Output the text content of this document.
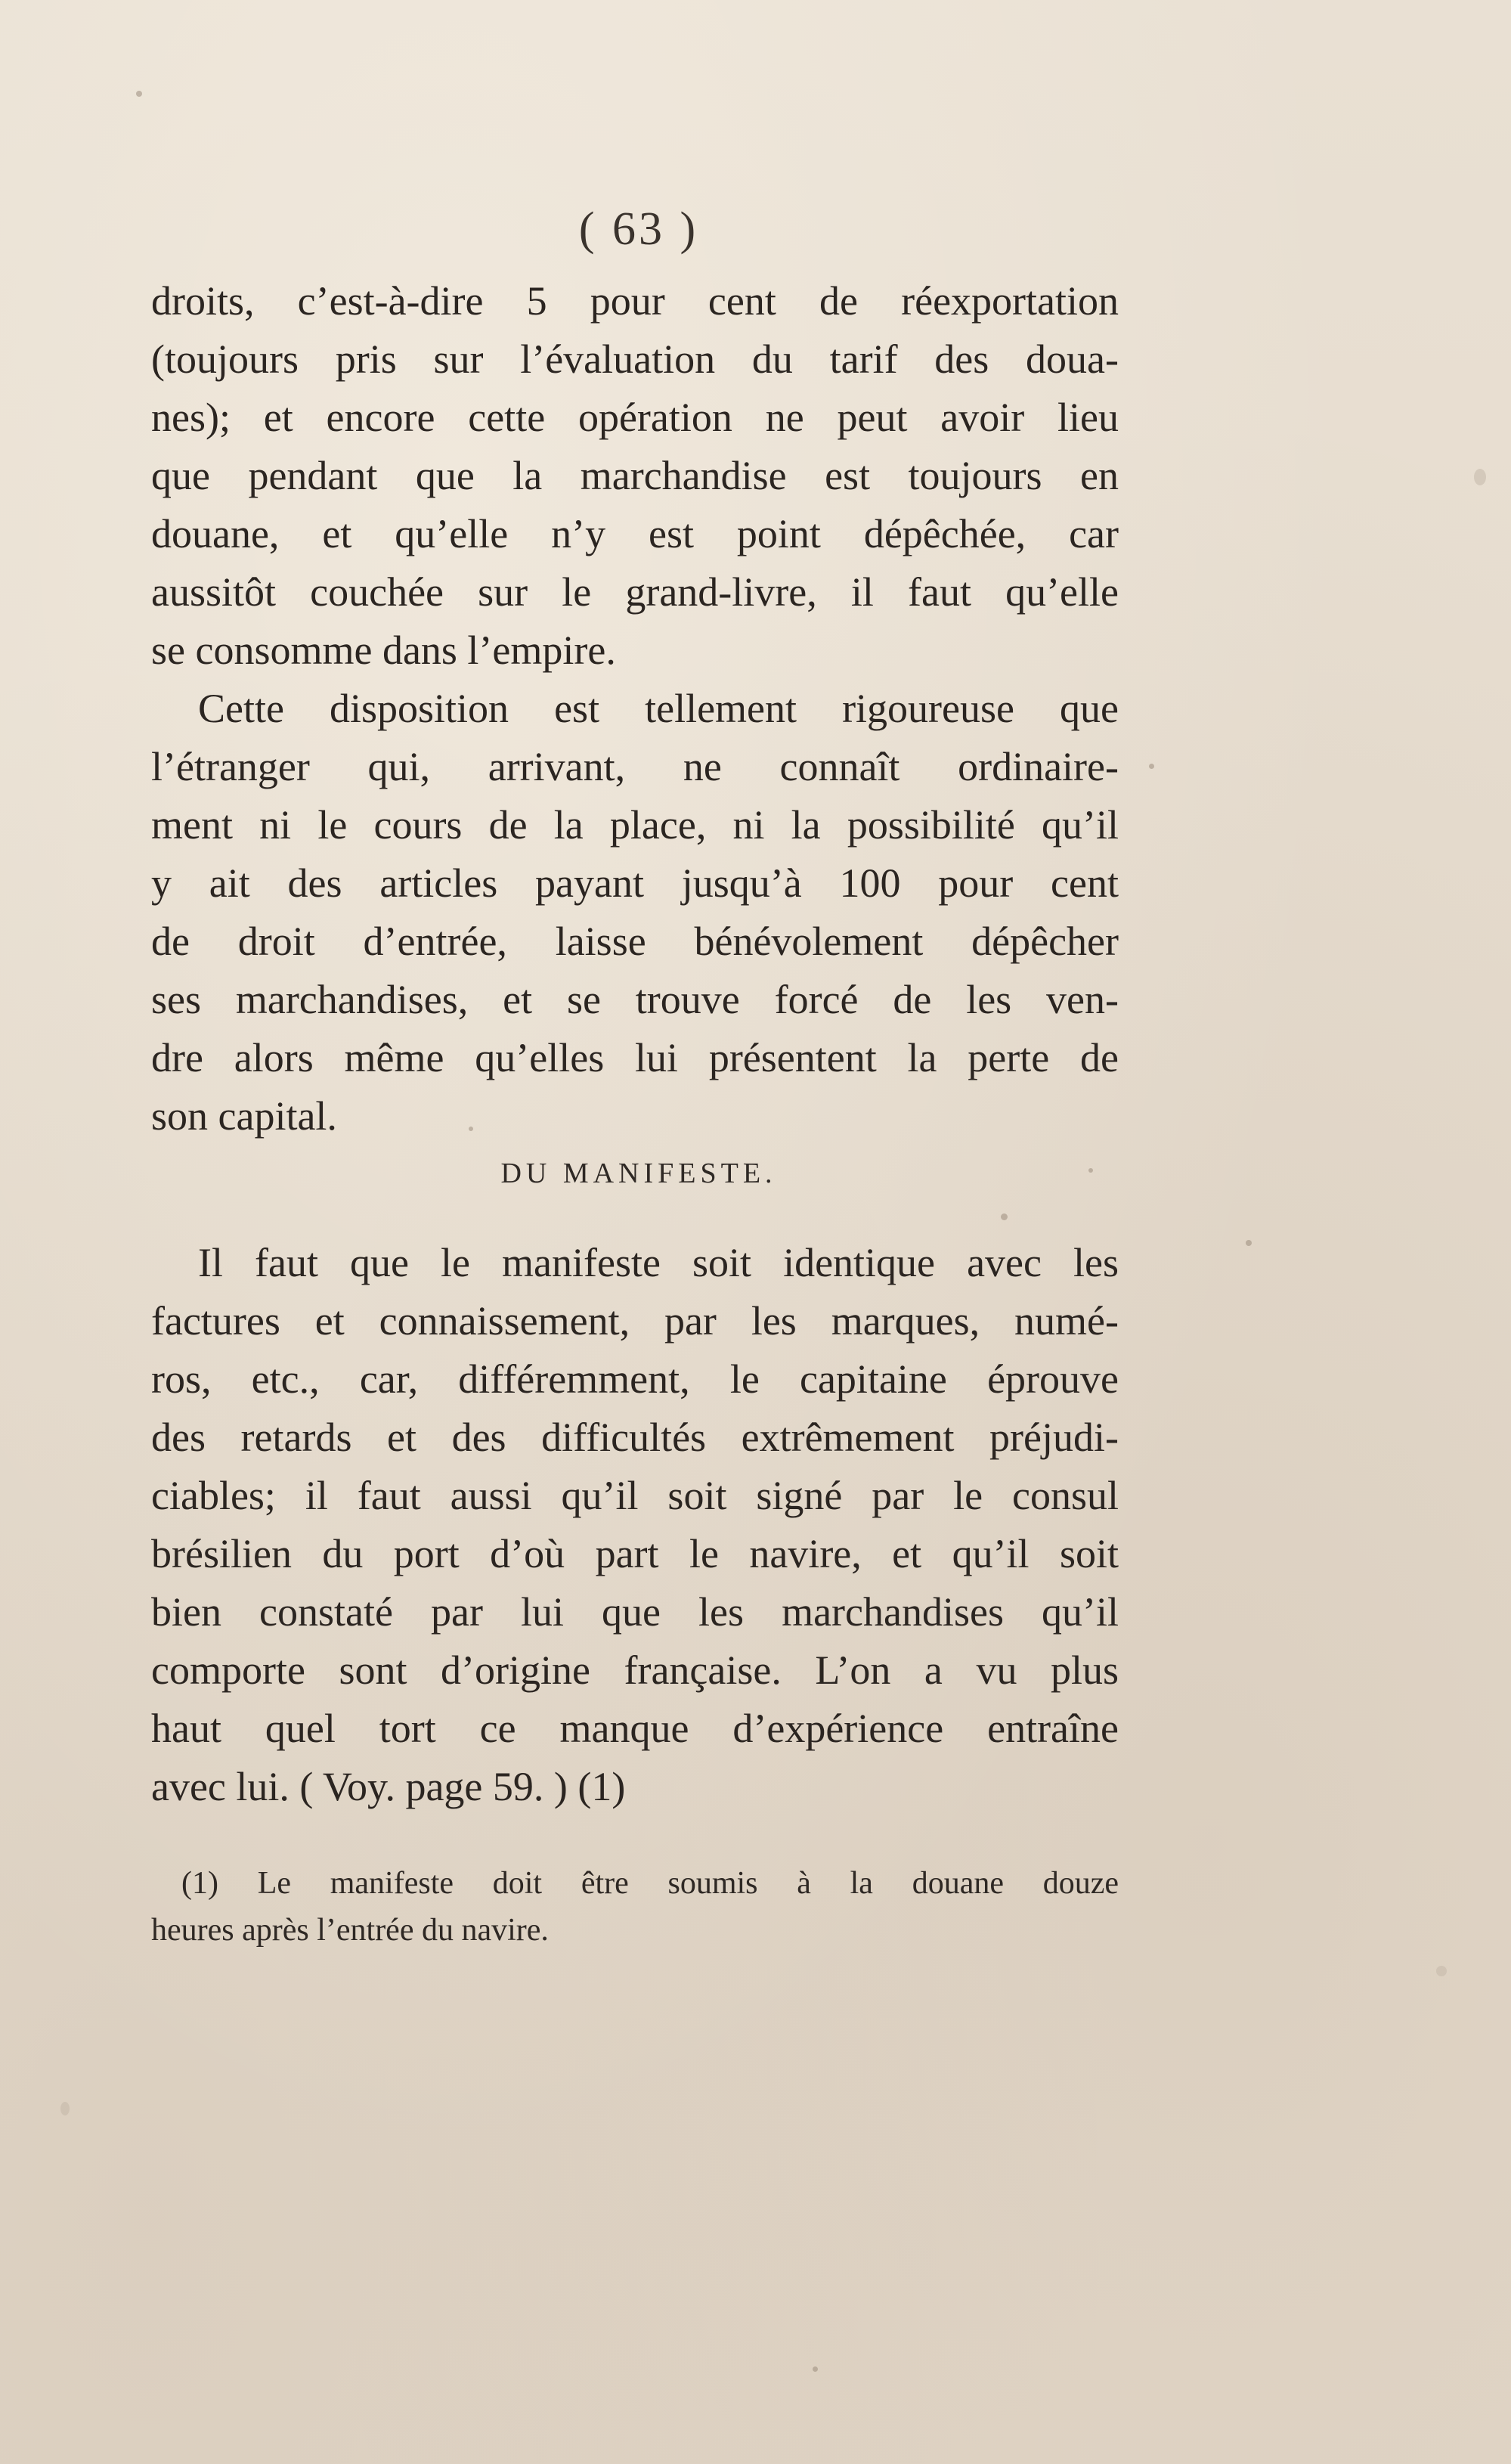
( 63 )
droits, c’est-à-dire 5 pour cent de réexportation
(toujours pris sur l’évaluation du tarif des doua-
nes); et encore cette opération ne peut avoir lieu
que pendant que la marchandise est toujours en
douane, et qu’elle n’y est point dépêchée, car
aussitôt couchée sur le grand-livre, il faut qu’elle
se consomme dans l’empire.
Cette disposition est tellement rigoureuse que
l’étranger qui, arrivant, ne connaît ordinaire-
ment ni le cours de la place, ni la possibilité qu’il
y ait des articles payant jusqu’à 100 pour cent
de droit d’entrée, laisse bénévolement dépêcher
ses marchandises, et se trouve forcé de les ven-
dre alors même qu’elles lui présentent la perte de
son capital.
DU MANIFESTE.
Il faut que le manifeste soit identique avec les
factures et connaissement, par les marques, numé-
ros, etc., car, différemment, le capitaine éprouve
des retards et des difficultés extrêmement préjudi-
ciables; il faut aussi qu’il soit signé par le consul
brésilien du port d’où part le navire, et qu’il soit
bien constaté par lui que les marchandises qu’il
comporte sont d’origine française. L’on a vu plus
haut quel tort ce manque d’expérience entraîne
avec lui. ( Voy. page 59. ) (1)
(1) Le manifeste doit être soumis à la douane douze
heures après l’entrée du navire.
